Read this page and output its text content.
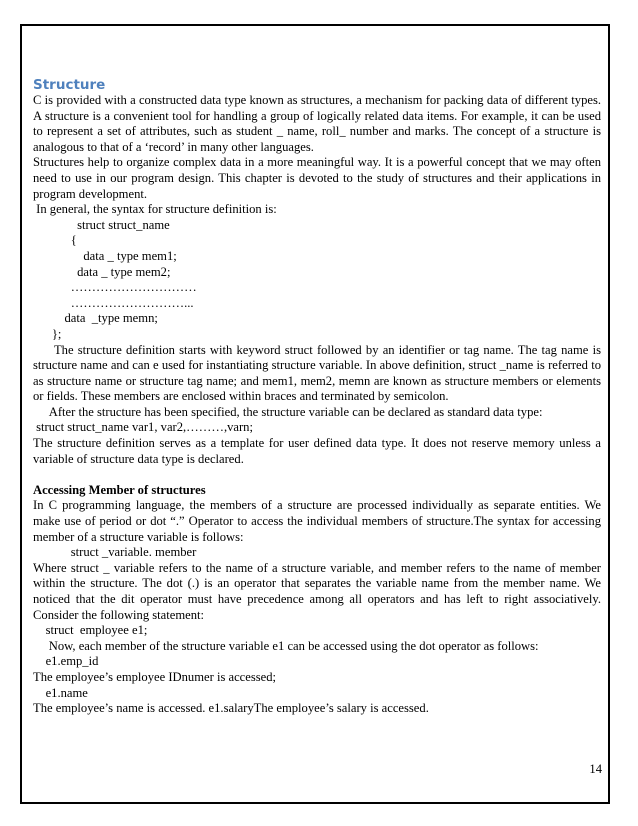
Structure

C is provided with a constructed data type known as structures, a mechanism for packing data of different types. A structure is a convenient tool for handling a group of logically related data items. For example, it can be used to represent a set of attributes, such as student _ name, roll_ number and marks. The concept of a structure is analogous to that of a ‘record’ in many other languages.

Structures help to organize complex data in a more meaningful way. It is a powerful concept that we may often need to use in our program design. This chapter is devoted to the study of structures and their applications in program development.

In general, the syntax for structure definition is:

struct struct_name

{

data _ type mem1;

data _ type mem2;

…………………………

………………………...

data  _type memn;

};

The structure definition starts with keyword struct followed by an identifier or tag name. The tag name is structure name and can e used for instantiating structure variable. In above definition, struct _name is referred to as structure name or structure tag name; and mem1, mem2, memn are known as structure members or elements or fields. These members are enclosed within braces and terminated by semicolon.

After the structure has been specified, the structure variable can be declared as standard data type:

struct struct_name var1, var2,………,varn;

The structure definition serves as a template for user defined data type. It does not reserve memory unless a variable of structure data type is declared.

Accessing Member of structures

In C programming language, the members of a structure are processed individually as separate entities. We make use of period or dot “.” Operator to access the individual members of structure.The syntax for accessing member of a structure variable is follows:

struct _variable. member

Where struct _ variable refers to the name of a structure variable, and member refers to the name of member within the structure. The dot (.) is an operator that separates the variable name from the member name. We noticed that the dit operator must have precedence among all operators and has left to right associatively. Consider the following statement:

struct  employee e1;

Now, each member of the structure variable e1 can be accessed using the dot operator as follows:

e1.emp_id

The employee’s employee IDnumer is accessed;

e1.name

The employee’s name is accessed. e1.salaryThe employee’s salary is accessed.

14
